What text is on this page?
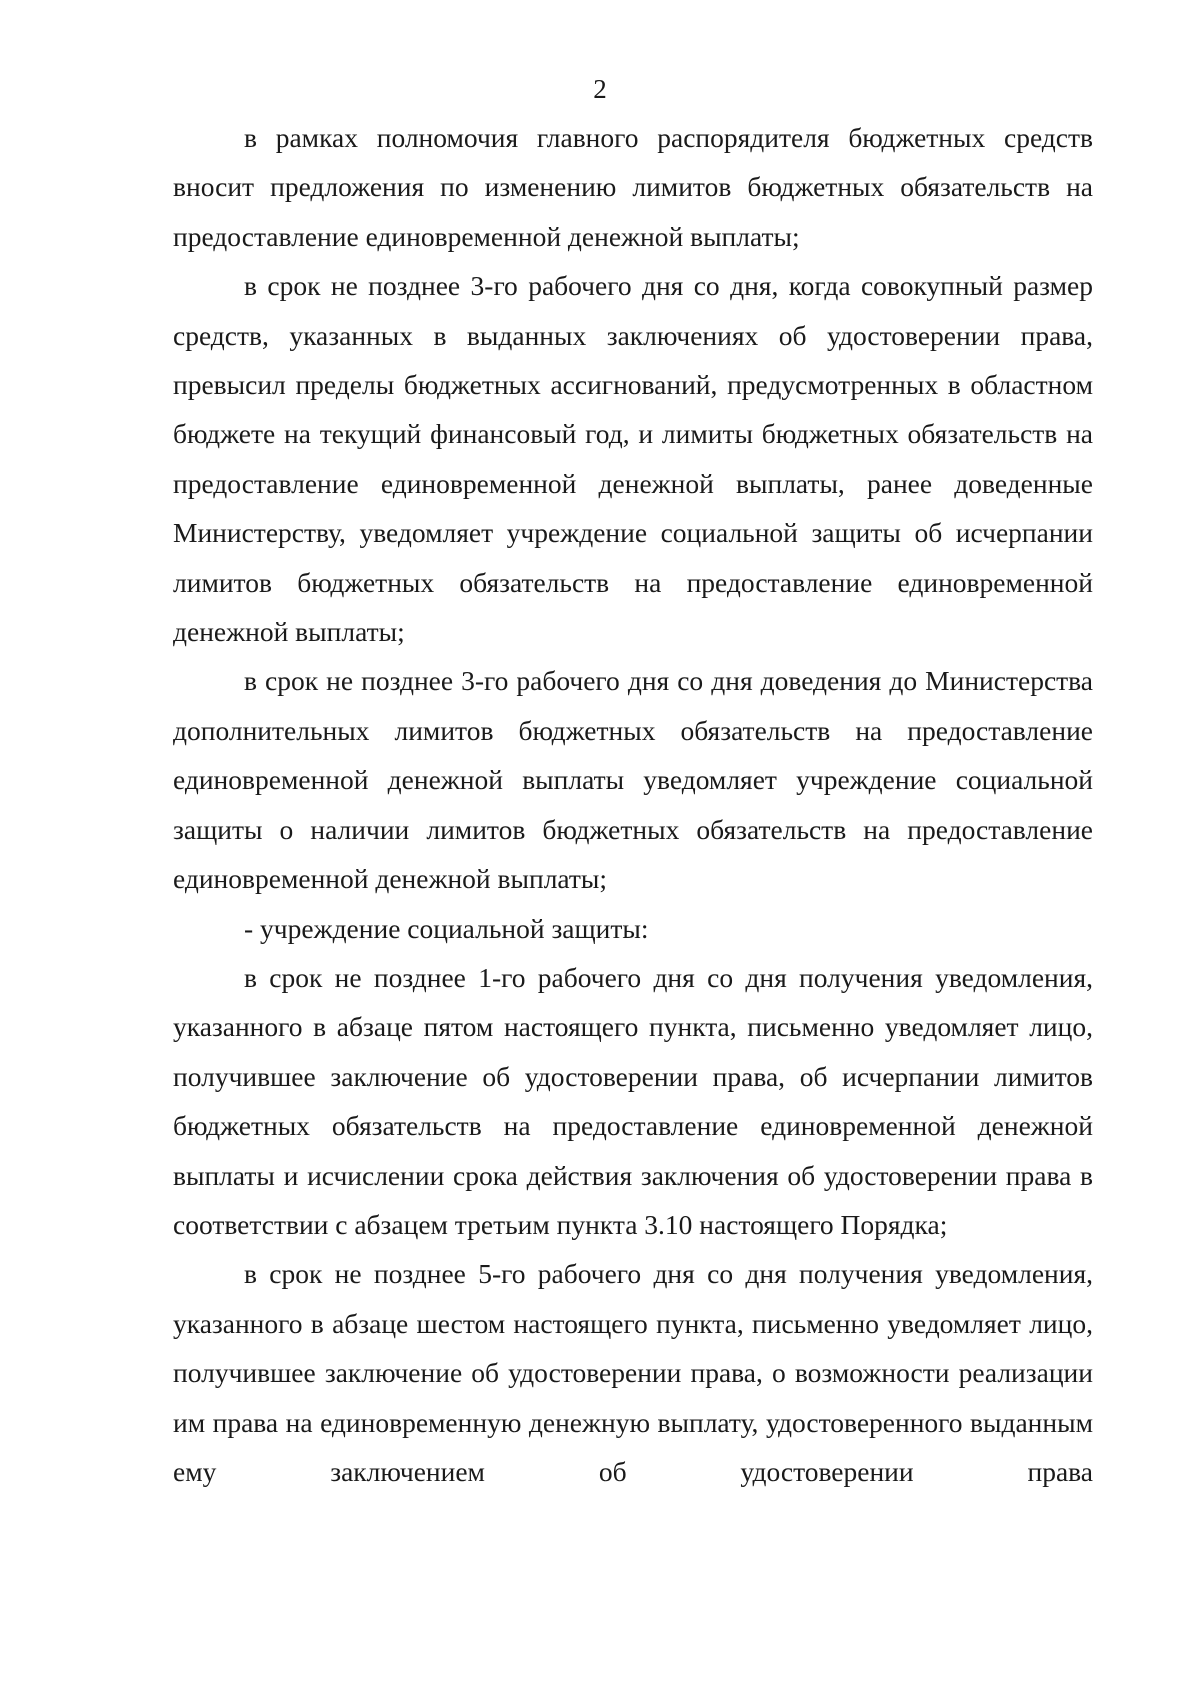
2

в рамках полномочия главного распорядителя бюджетных средств вносит предложения по изменению лимитов бюджетных обязательств на предоставление единовременной денежной выплаты;

в срок не позднее 3-го рабочего дня со дня, когда совокупный размер средств, указанных в выданных заключениях об удостоверении права, превысил пределы бюджетных ассигнований, предусмотренных в областном бюджете на текущий финансовый год, и лимиты бюджетных обязательств на предоставление единовременной денежной выплаты, ранее доведенные Министерству, уведомляет учреждение социальной защиты об исчерпании лимитов бюджетных обязательств на предоставление единовременной денежной выплаты;

в срок не позднее 3-го рабочего дня со дня доведения до Министерства дополнительных лимитов бюджетных обязательств на предоставление единовременной денежной выплаты уведомляет учреждение социальной защиты о наличии лимитов бюджетных обязательств на предоставление единовременной денежной выплаты;

- учреждение социальной защиты:

в срок не позднее 1-го рабочего дня со дня получения уведомления, указанного в абзаце пятом настоящего пункта, письменно уведомляет лицо, получившее заключение об удостоверении права, об исчерпании лимитов бюджетных обязательств на предоставление единовременной денежной выплаты и исчислении срока действия заключения об удостоверении права в соответствии с абзацем третьим пункта 3.10 настоящего Порядка;

в срок не позднее 5-го рабочего дня со дня получения уведомления, указанного в абзаце шестом настоящего пункта, письменно уведомляет лицо, получившее заключение об удостоверении права, о возможности реализации им права на единовременную денежную выплату, удостоверенного выданным ему заключением об удостоверении права
